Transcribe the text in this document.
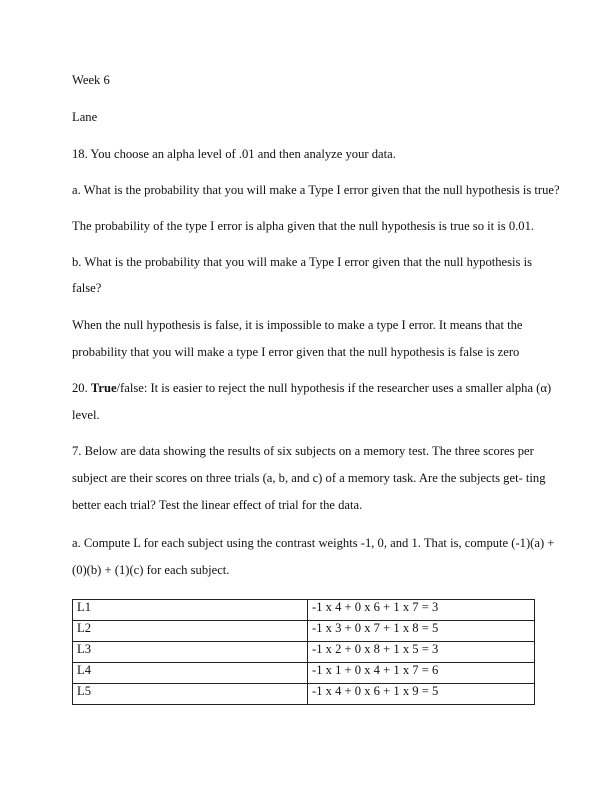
Week 6

Lane

18. You choose an alpha level of .01 and then analyze your data.

a. What is the probability that you will make a Type I error given that the null hypothesis is true?

The probability of the type I error is alpha given that the null hypothesis is true so it is 0.01.

b. What is the probability that you will make a Type I error given that the null hypothesis is

false?

When the null hypothesis is false, it is impossible to make a type I error. It means that the

probability that you will make a type I error given that the null hypothesis is false is zero

20. True/false: It is easier to reject the null hypothesis if the researcher uses a smaller alpha (α)

level.

7. Below are data showing the results of six subjects on a memory test. The three scores per

subject are their scores on three trials (a, b, and c) of a memory task. Are the subjects get- ting

better each trial? Test the linear effect of trial for the data.

a. Compute L for each subject using the contrast weights -1, 0, and 1. That is, compute (-1)(a) +

(0)(b) + (1)(c) for each subject.

L1	-1 x 4 + 0 x 6 + 1 x 7 = 3
L2	-1 x 3 + 0 x 7 + 1 x 8 = 5
L3	-1 x 2 + 0 x 8 + 1 x 5 = 3
L4	-1 x 1 + 0 x 4 + 1 x 7 = 6
L5	-1 x 4 + 0 x 6 + 1 x 9 = 5
